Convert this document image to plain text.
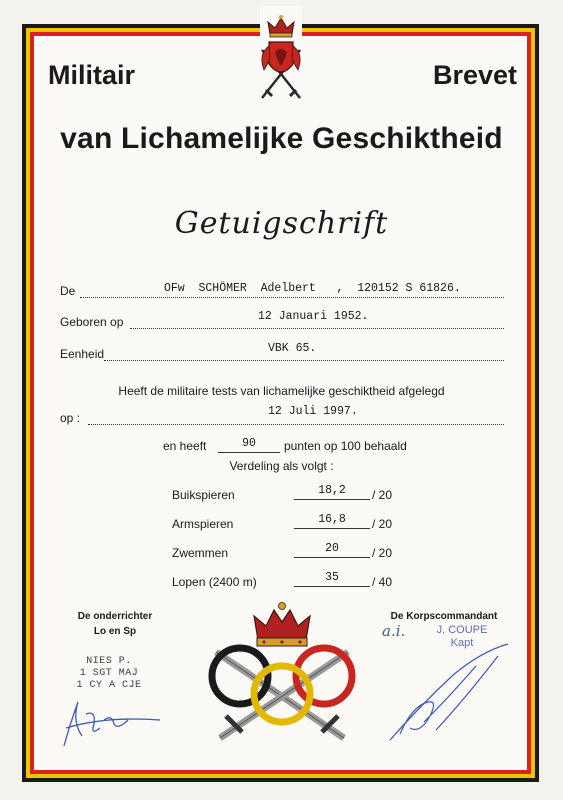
Militair	Brevet
van Lichamelijke Geschiktheid
Getuigschrift
De	OFw  SCHÖMER  Adelbert   ,  120152 S 61826.
Geboren op	12 Januari 1952.
Eenheid	VBK 65.
Heeft de militaire tests van lichamelijke geschiktheid afgelegd
op :	12 Juli 1997.
en heeft	90	punten op 100 behaald
Verdeling als volgt :
Buikspieren	18,2	/ 20
Armspieren	16,8	/ 20
Zwemmen	20	/ 20
Lopen (2400 m)	35	/ 40
De onderrichter
Lo en Sp
De Korpscommandant
NIES P.
1 SGT MAJ
1 CY A CJE
a.i.	J. COUPE
Kapt
